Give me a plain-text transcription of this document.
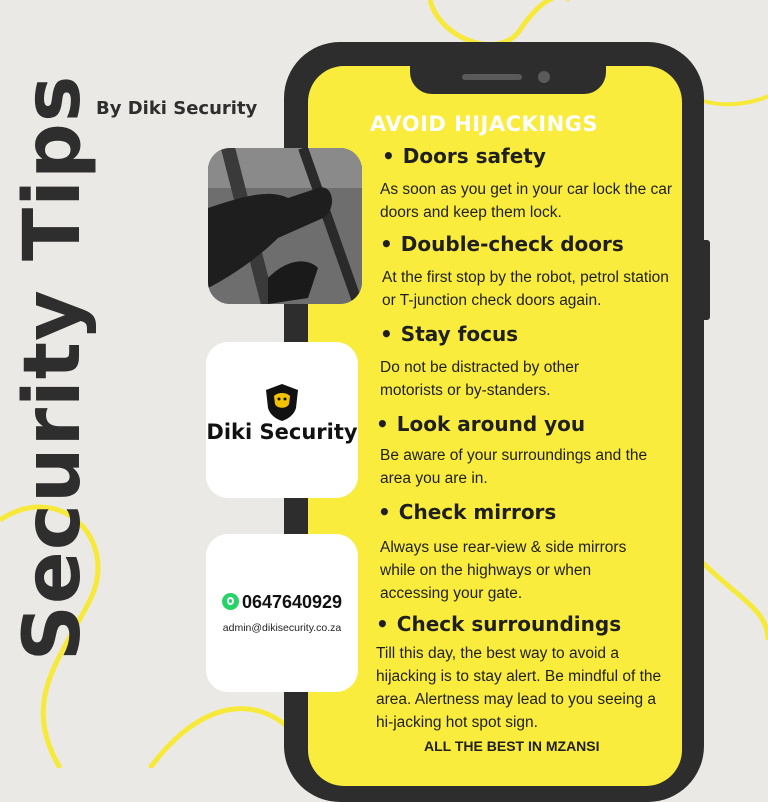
Security Tips
By Diki Security
AVOID HIJACKINGS
• Doors safety
As soon as you get in your car lock the car doors and keep them lock.
• Double-check doors
At the first stop by the robot, petrol station or T-junction check doors again.
• Stay focus
Do not be distracted by other motorists or by-standers.
• Look around you
Be aware of your surroundings and the area you are in.
• Check mirrors
Always use rear-view & side mirrors while on the highways or when accessing your gate.
• Check surroundings
Till this day, the best way to avoid a hijacking is to stay alert. Be mindful of the area. Alertness may lead to you seeing a hi-jacking hot spot sign.
ALL THE BEST IN MZANSI
Diki Security
0647640929
admin@dikisecurity.co.za
